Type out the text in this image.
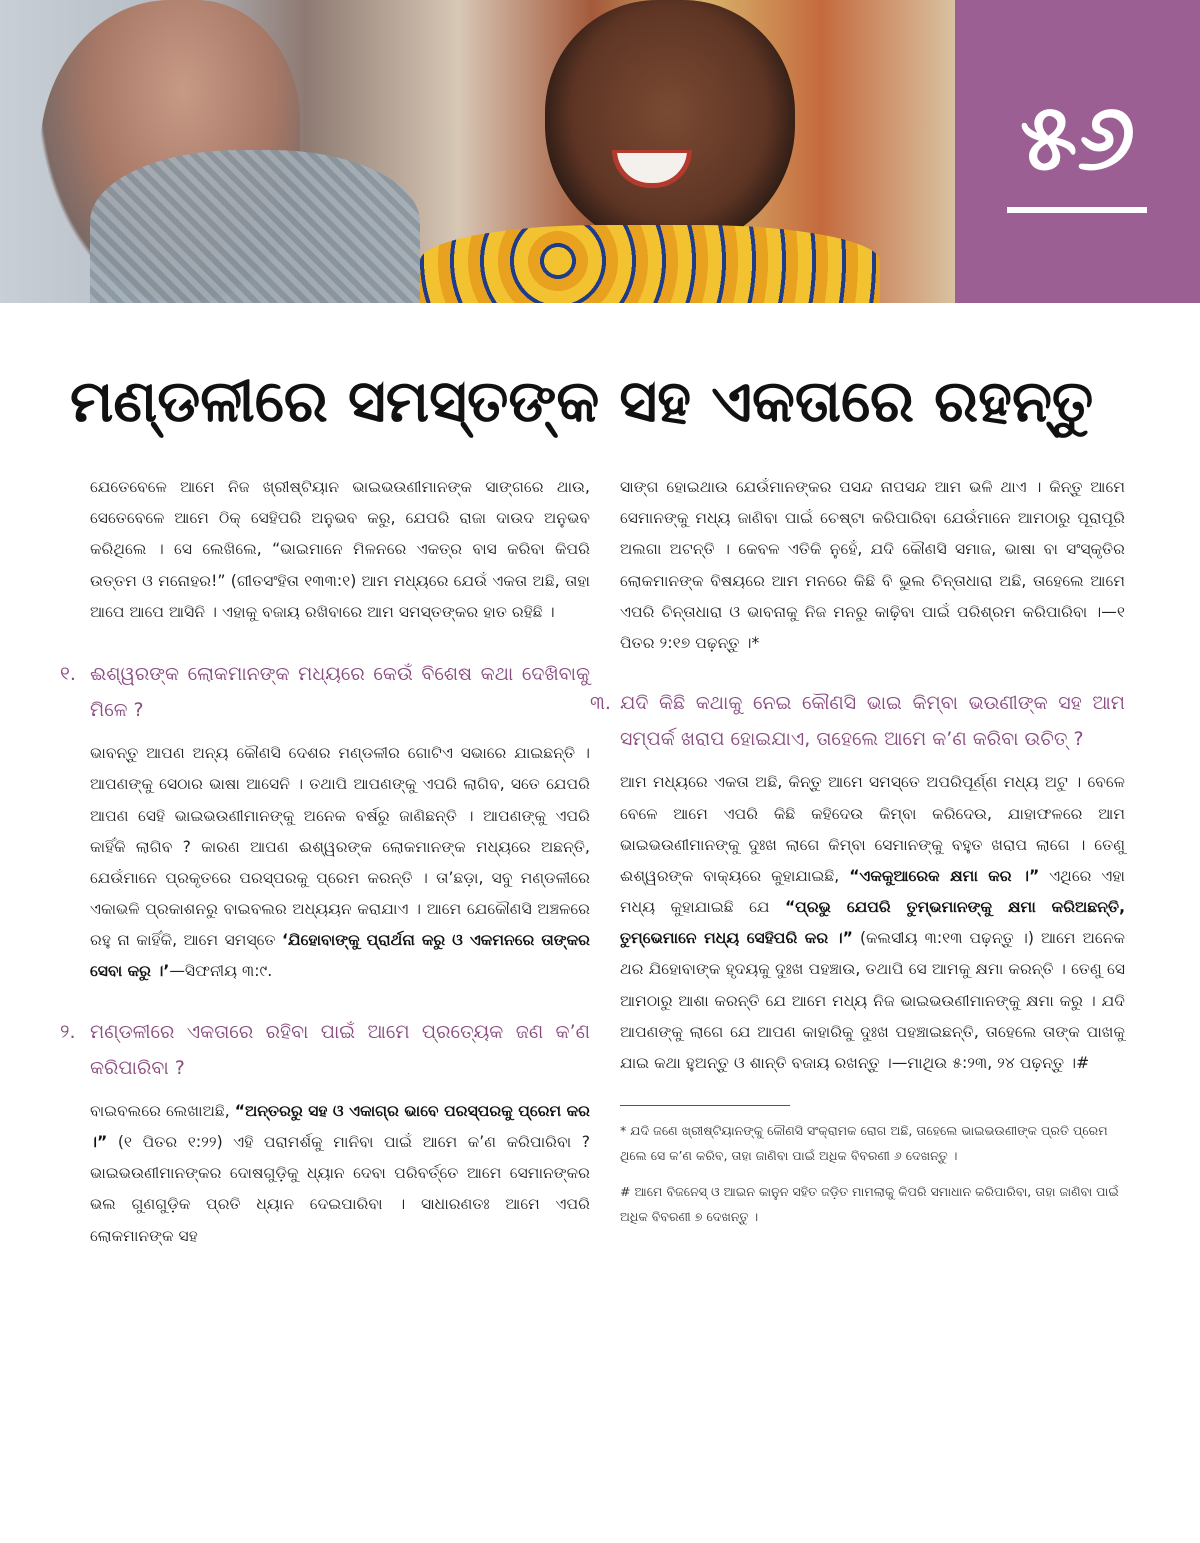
୫୬
ମଣ୍ଡଳୀରେ ସମସ୍ତଙ୍କ ସହ ଏକତାରେ ରହନ୍ତୁ

ଯେତେବେଳେ ଆମେ ନିଜ ଖ୍ରୀଷ୍ଟିୟାନ ଭାଇଭଉଣୀମାନଙ୍କ ସାଙ୍ଗରେ ଥାଉ, ସେତେବେଳେ ଆମେ ଠିକ୍‌ ସେହିପରି ଅନୁଭବ କରୁ, ଯେପରି ରାଜା ଦାଉଦ ଅନୁଭବ କରିଥିଲେ । ସେ ଲେଖିଲେ, “ଭାଇମାନେ ମିଳନରେ ଏକତ୍ର ବାସ କରିବା କିପରି ଉତ୍ତମ ଓ ମନୋହର!” (ଗୀତସଂହିତା ୧୩୩:୧) ଆମ ମଧ୍ୟରେ ଯେଉଁ ଏକତା ଅଛି, ତାହା ଆପେ ଆପେ ଆସିନି । ଏହାକୁ ବଜାୟ ରଖିବାରେ ଆମ ସମସ୍ତଙ୍କର ହାତ ରହିଛି ।

୧. ଈଶ୍ୱରଙ୍କ ଲୋକମାନଙ୍କ ମଧ୍ୟରେ କେଉଁ ବିଶେଷ କଥା ଦେଖିବାକୁ ମିଳେ ?

ଭାବନ୍ତୁ ଆପଣ ଅନ୍ୟ କୌଣସି ଦେଶର ମଣ୍ଡଳୀର ଗୋଟିଏ ସଭାରେ ଯାଇଛନ୍ତି । ଆପଣଙ୍କୁ ସେଠାର ଭାଷା ଆସେନି । ତଥାପି ଆପଣଙ୍କୁ ଏପରି ଲାଗିବ, ସତେ ଯେପରି ଆପଣ ସେହି ଭାଇଭଉଣୀମାନଙ୍କୁ ଅନେକ ବର୍ଷରୁ ଜାଣିଛନ୍ତି । ଆପଣଙ୍କୁ ଏପରି କାହିଁକି ଲାଗିବ ? କାରଣ ଆପଣ ଈଶ୍ୱରଙ୍କ ଲୋକମାନଙ୍କ ମଧ୍ୟରେ ଅଛନ୍ତି, ଯେଉଁମାନେ ପ୍ରକୃତରେ ପରସ୍ପରକୁ ପ୍ରେମ କରନ୍ତି । ତା’ଛଡ଼ା, ସବୁ ମଣ୍ଡଳୀରେ ଏକାଭଳି ପ୍ରକାଶନରୁ ବାଇବଲର ଅଧ୍ୟୟନ କରାଯାଏ । ଆମେ ଯେକୌଣସି ଅଞ୍ଚଳରେ ରହୁ ନା କାହିଁକି, ଆମେ ସମସ୍ତେ ‘ଯିହୋବାଙ୍କୁ ପ୍ରାର୍ଥନା କରୁ ଓ ଏକମନରେ ତାଙ୍କର ସେବା କରୁ ।’—ସିଫନୀୟ ୩:୯.

୨. ମଣ୍ଡଳୀରେ ଏକତାରେ ରହିବା ପାଇଁ ଆମେ ପ୍ରତ୍ୟେକ ଜଣ କ’ଣ କରିପାରିବା ?

ବାଇବଲରେ ଲେଖାଅଛି, “ଅନ୍ତରରୁ ସହ ଓ ଏକାଗ୍ର ଭାବେ ପରସ୍ପରକୁ ପ୍ରେମ କର ।” (୧ ପିତର ୧:୨୨) ଏହି ପରାମର୍ଶକୁ ମାନିବା ପାଇଁ ଆମେ କ’ଣ କରିପାରିବା ? ଭାଇଭଉଣୀମାନଙ୍କର ଦୋଷଗୁଡ଼ିକୁ ଧ୍ୟାନ ଦେବା ପରିବର୍ତ୍ତେ ଆମେ ସେମାନଙ୍କର ଭଲ ଗୁଣଗୁଡ଼ିକ ପ୍ରତି ଧ୍ୟାନ ଦେଇପାରିବା । ସାଧାରଣତଃ ଆମେ ଏପରି ଲୋକମାନଙ୍କ ସହ

ସାଙ୍ଗ ହୋଇଥାଉ ଯେଉଁମାନଙ୍କର ପସନ୍ଦ ନାପସନ୍ଦ ଆମ ଭଳି ଥାଏ । କିନ୍ତୁ ଆମେ ସେମାନଙ୍କୁ ମଧ୍ୟ ଜାଣିବା ପାଇଁ ଚେଷ୍ଟା କରିପାରିବା ଯେଉଁମାନେ ଆମଠାରୁ ପୂରାପୂରି ଅଲଗା ଅଟନ୍ତି । କେବଳ ଏତିକି ନୁହେଁ, ଯଦି କୌଣସି ସମାଜ, ଭାଷା ବା ସଂସ୍କୃତିର ଲୋକମାନଙ୍କ ବିଷୟରେ ଆମ ମନରେ କିଛି ବି ଭୁଲ ଚିନ୍ତାଧାରା ଅଛି, ତାହେଲେ ଆମେ ଏପରି ଚିନ୍ତାଧାରା ଓ ଭାବନାକୁ ନିଜ ମନରୁ କାଢ଼ିବା ପାଇଁ ପରିଶ୍ରମ କରିପାରିବା ।—୧ ପିତର ୨:୧୭ ପଢ଼ନ୍ତୁ ।*

୩. ଯଦି କିଛି କଥାକୁ ନେଇ କୌଣସି ଭାଇ କିମ୍ବା ଭଉଣୀଙ୍କ ସହ ଆମ ସମ୍ପର୍କ ଖରାପ ହୋଇଯାଏ, ତାହେଲେ ଆମେ କ’ଣ କରିବା ଉଚିତ୍‌ ?

ଆମ ମଧ୍ୟରେ ଏକତା ଅଛି, କିନ୍ତୁ ଆମେ ସମସ୍ତେ ଅପରିପୂର୍ଣ୍ଣ ମଧ୍ୟ ଅଟୁ । ବେଳେ ବେଳେ ଆମେ ଏପରି କିଛି କହିଦେଉ କିମ୍ବା କରିଦେଉ, ଯାହାଫଳରେ ଆମ ଭାଇଭଉଣୀମାନଙ୍କୁ ଦୁଃଖ ଲାଗେ କିମ୍ବା ସେମାନଙ୍କୁ ବହୁତ ଖରାପ ଲାଗେ । ତେଣୁ ଈଶ୍ୱରଙ୍କ ବାକ୍ୟରେ କୁହାଯାଇଛି, “ଏକକୁଆରେକ କ୍ଷମା କର ।” ଏଥିରେ ଏହା ମଧ୍ୟ କୁହାଯାଇଛି ଯେ “ପ୍ରଭୁ ଯେପରି ତୁମ୍ଭମାନଙ୍କୁ କ୍ଷମା କରିଅଛନ୍ତି, ତୁମ୍ଭେମାନେ ମଧ୍ୟ ସେହିପରି କର ।” (କଲସୀୟ ୩:୧୩ ପଢ଼ନ୍ତୁ ।) ଆମେ ଅନେକ ଥର ଯିହୋବାଙ୍କ ହୃଦୟକୁ ଦୁଃଖ ପହଞ୍ଚାଉ, ତଥାପି ସେ ଆମକୁ କ୍ଷମା କରନ୍ତି । ତେଣୁ ସେ ଆମଠାରୁ ଆଶା କରନ୍ତି ଯେ ଆମେ ମଧ୍ୟ ନିଜ ଭାଇଭଉଣୀମାନଙ୍କୁ କ୍ଷମା କରୁ । ଯଦି ଆପଣଙ୍କୁ ଲାଗେ ଯେ ଆପଣ କାହାରିକୁ ଦୁଃଖ ପହଞ୍ଚାଇଛନ୍ତି, ତାହେଲେ ତାଙ୍କ ପାଖକୁ ଯାଇ କଥା ହୁଅନ୍ତୁ ଓ ଶାନ୍ତି ବଜାୟ ରଖନ୍ତୁ ।—ମାଥିଉ ୫:୨୩, ୨୪ ପଢ଼ନ୍ତୁ ।#

* ଯଦି ଜଣେ ଖ୍ରୀଷ୍ଟିୟାନଙ୍କୁ କୌଣସି ସଂକ୍ରାମକ ରୋଗ ଅଛି, ତାହେଲେ ଭାଇଭଉଣୀଙ୍କ ପ୍ରତି ପ୍ରେମ ଥିଲେ ସେ କ’ଣ କରିବ, ତାହା ଜାଣିବା ପାଇଁ ଅଧିକ ବିବରଣୀ ୬ ଦେଖନ୍ତୁ ।

# ଆମେ ବିଜନେସ୍‌ ଓ ଆଇନ କାନୁନ ସହିତ ଜଡ଼ିତ ମାମଲାକୁ କିପରି ସମାଧାନ କରିପାରିବା, ତାହା ଜାଣିବା ପାଇଁ ଅଧିକ ବିବରଣୀ ୭ ଦେଖନ୍ତୁ ।
